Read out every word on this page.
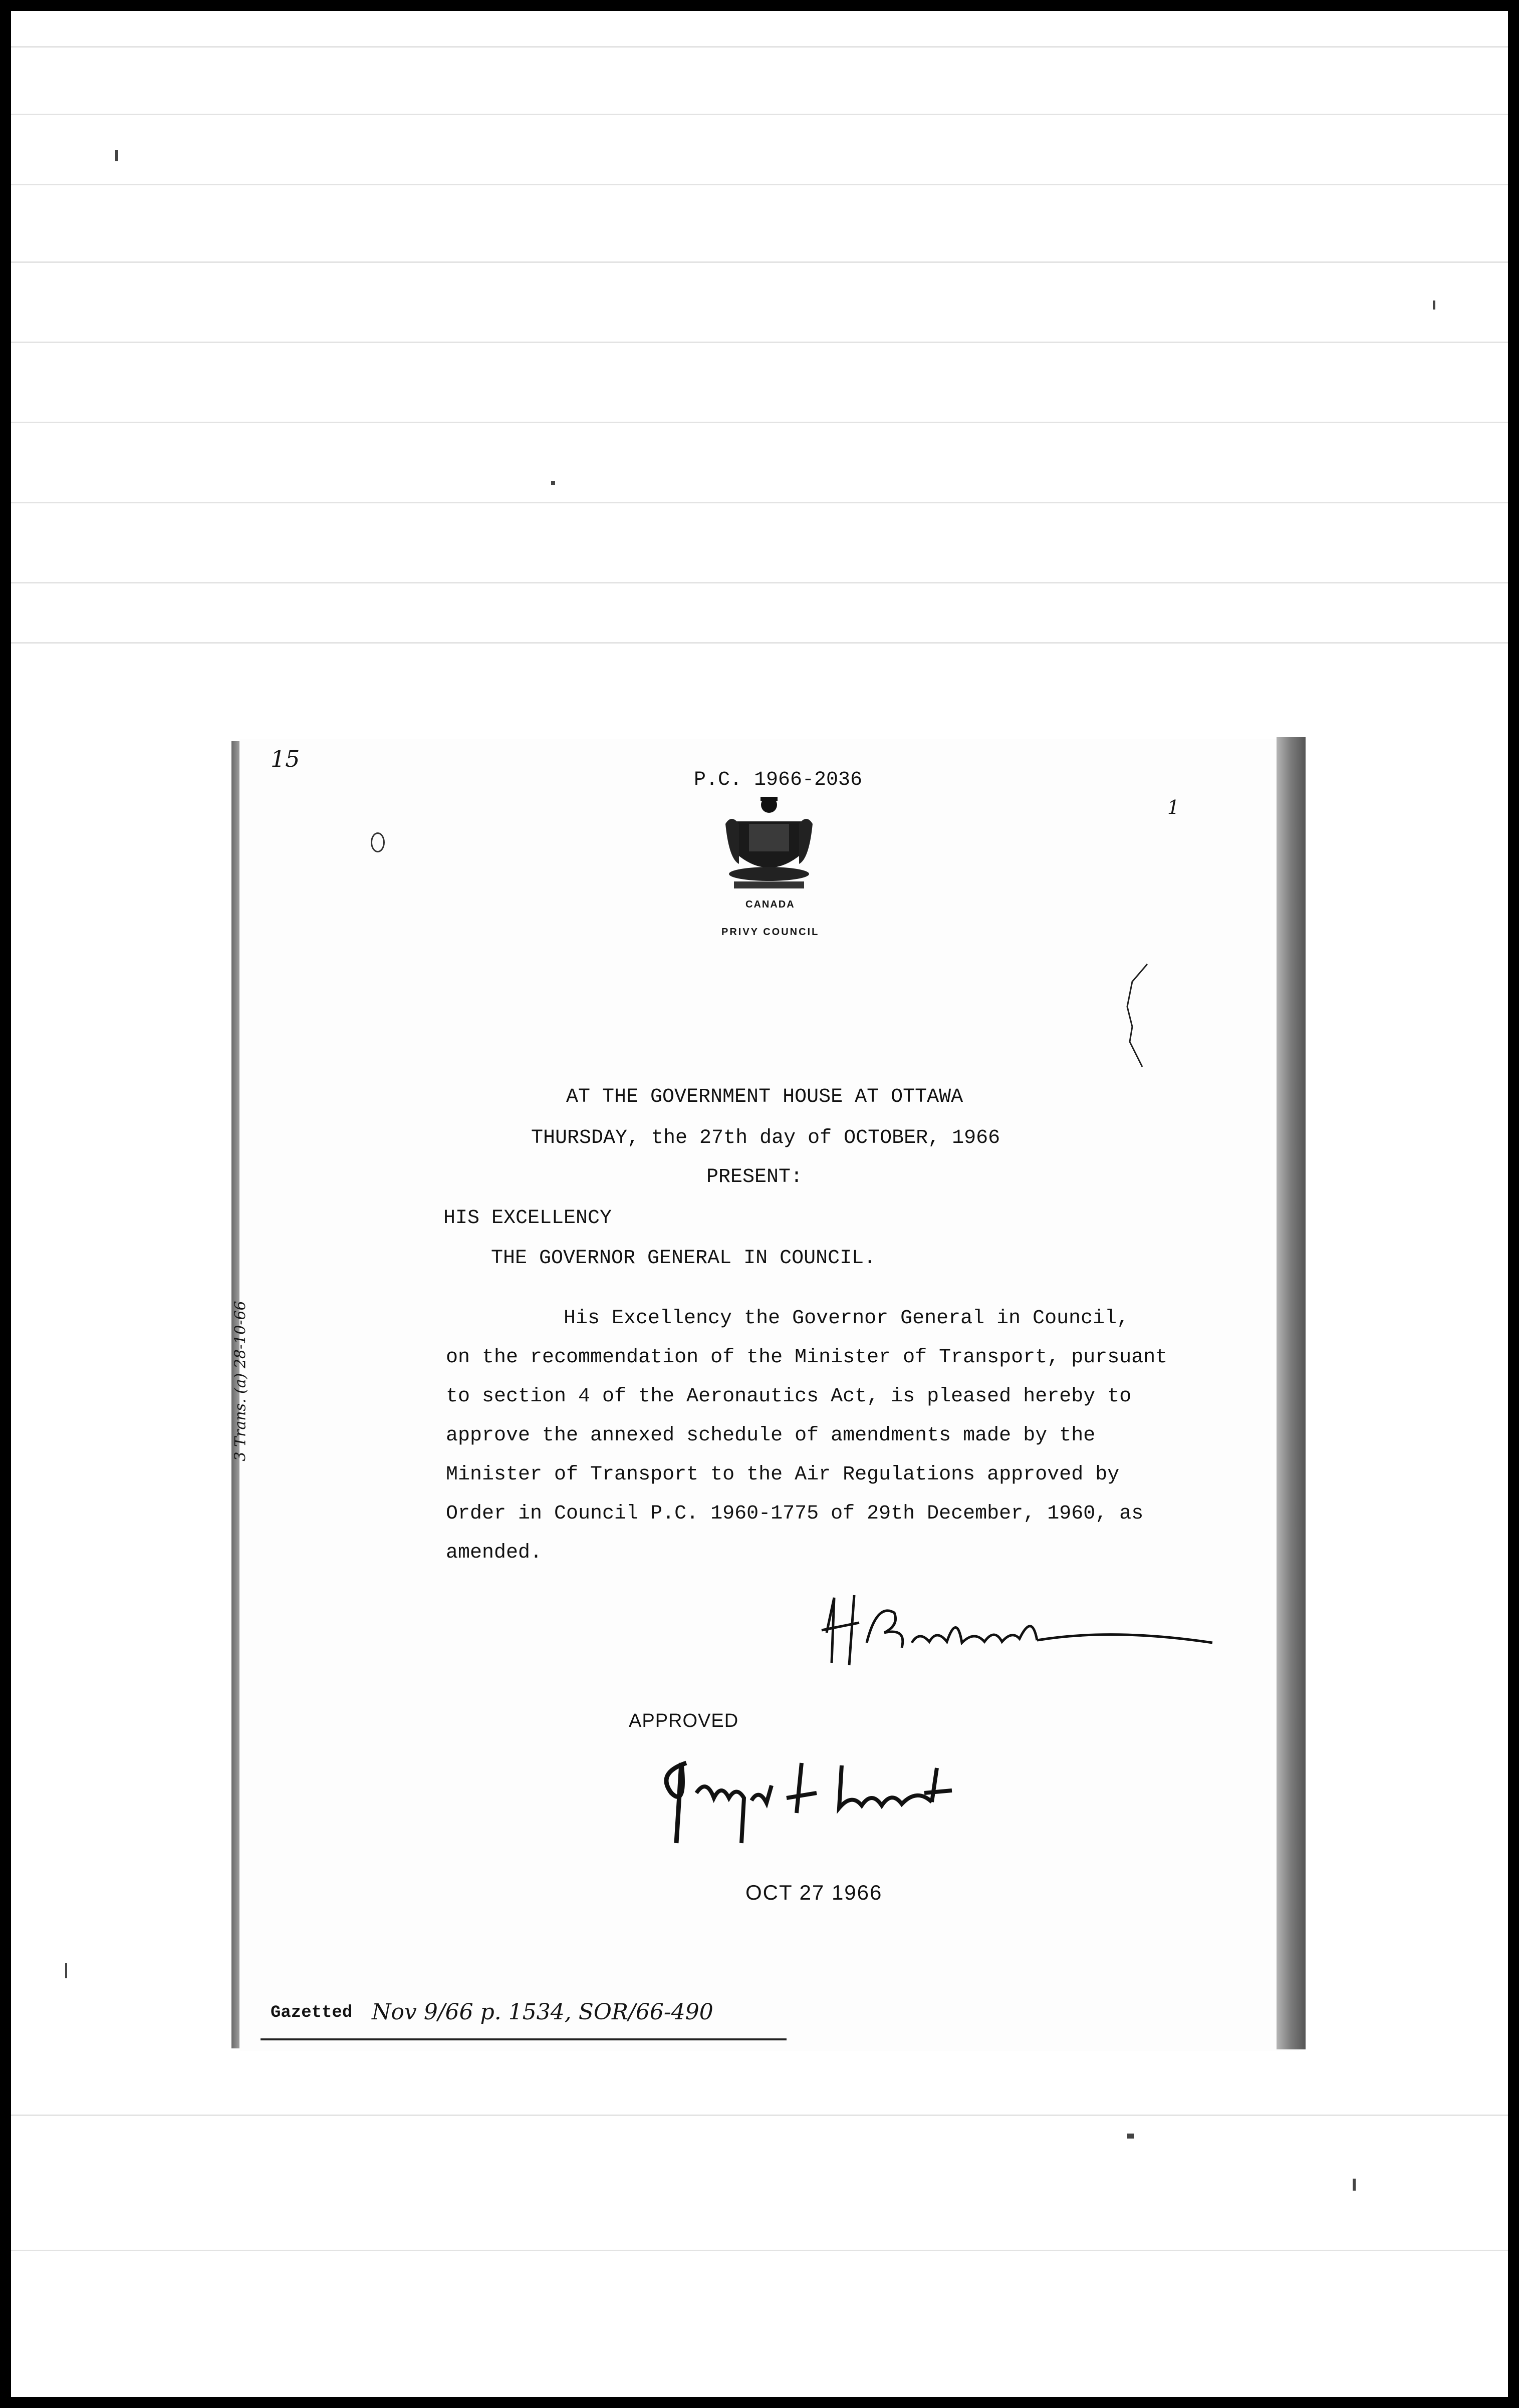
15
P.C. 1966-2036
1
CANADA
PRIVY COUNCIL
AT THE GOVERNMENT HOUSE AT OTTAWA
THURSDAY, the 27th day of OCTOBER, 1966
PRESENT:
HIS EXCELLENCY
THE GOVERNOR GENERAL IN COUNCIL.
His Excellency the Governor General in Council,
on the recommendation of the Minister of Transport, pursuant
to section 4 of the Aeronautics Act, is pleased hereby to
approve the annexed schedule of amendments made by the
Minister of Transport to the Air Regulations approved by
Order in Council P.C. 1960-1775 of 29th December, 1960, as
amended.
3 Trans. (a) 28-10-66
APPROVED
OCT 27 1966
Gazetted Nov 9/66 p. 1534, SOR/66-490
